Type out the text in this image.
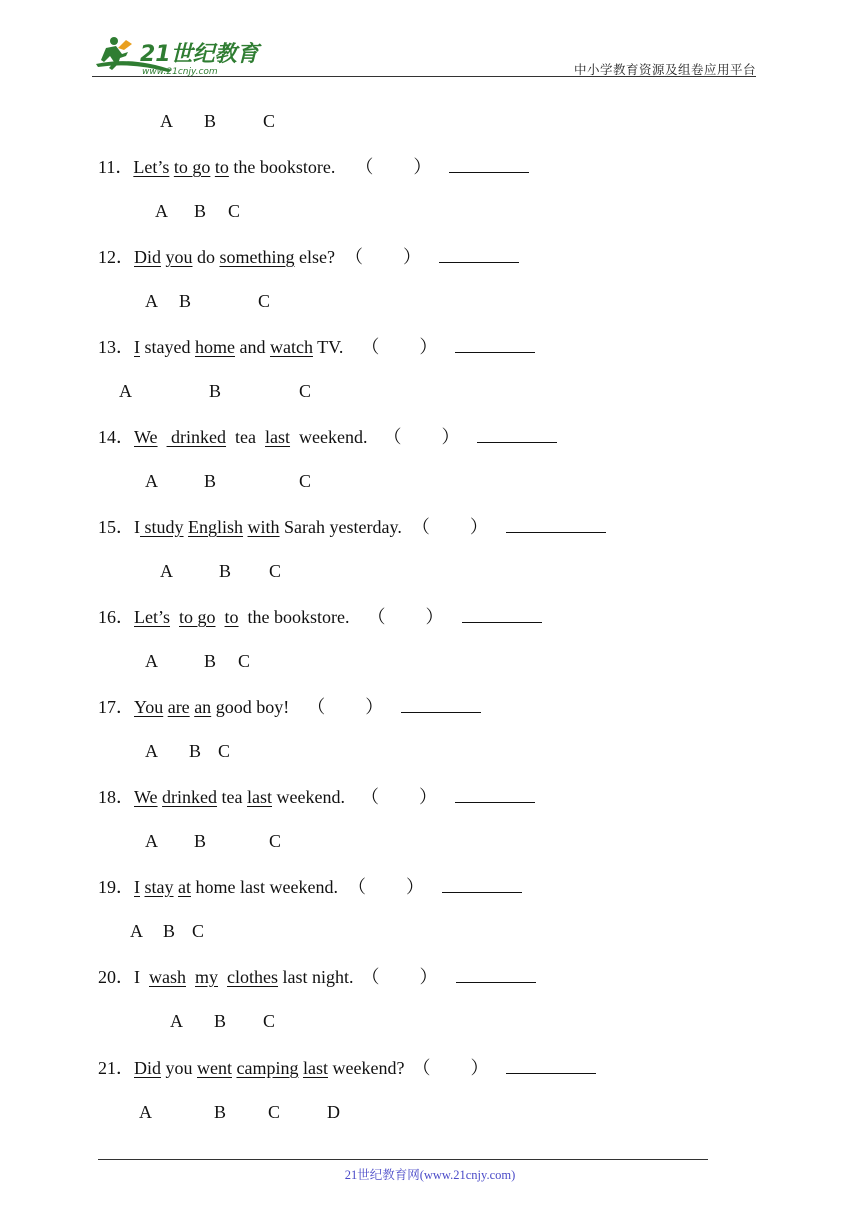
21世纪教育
www.21cnjy.com	中小学教育资源及组卷应用平台
A B	C
11．Let’s to go to the bookstore. （ ）
A B C
12．Did you do something else? （ ）
A B	C
13．I stayed home and watch TV. （ ）
A	B	C
14．We   drinked  tea  last  weekend. （ ）
A	B	C
15．I study English with Sarah yesterday. （ ）
A	B C
16．Let’s to go to  the bookstore. （ ）
A	B C
17．You are an good boy! （ ）
A B C
18．We drinked tea last weekend. （ ）
A B	C
19．I stay at home last weekend. （ ）
A B C
20．I  wash my clothes last night. （ ）
A B C
21．Did you went camping last weekend? （ ）
A	B C	D
21世纪教育网(www.21cnjy.com)
